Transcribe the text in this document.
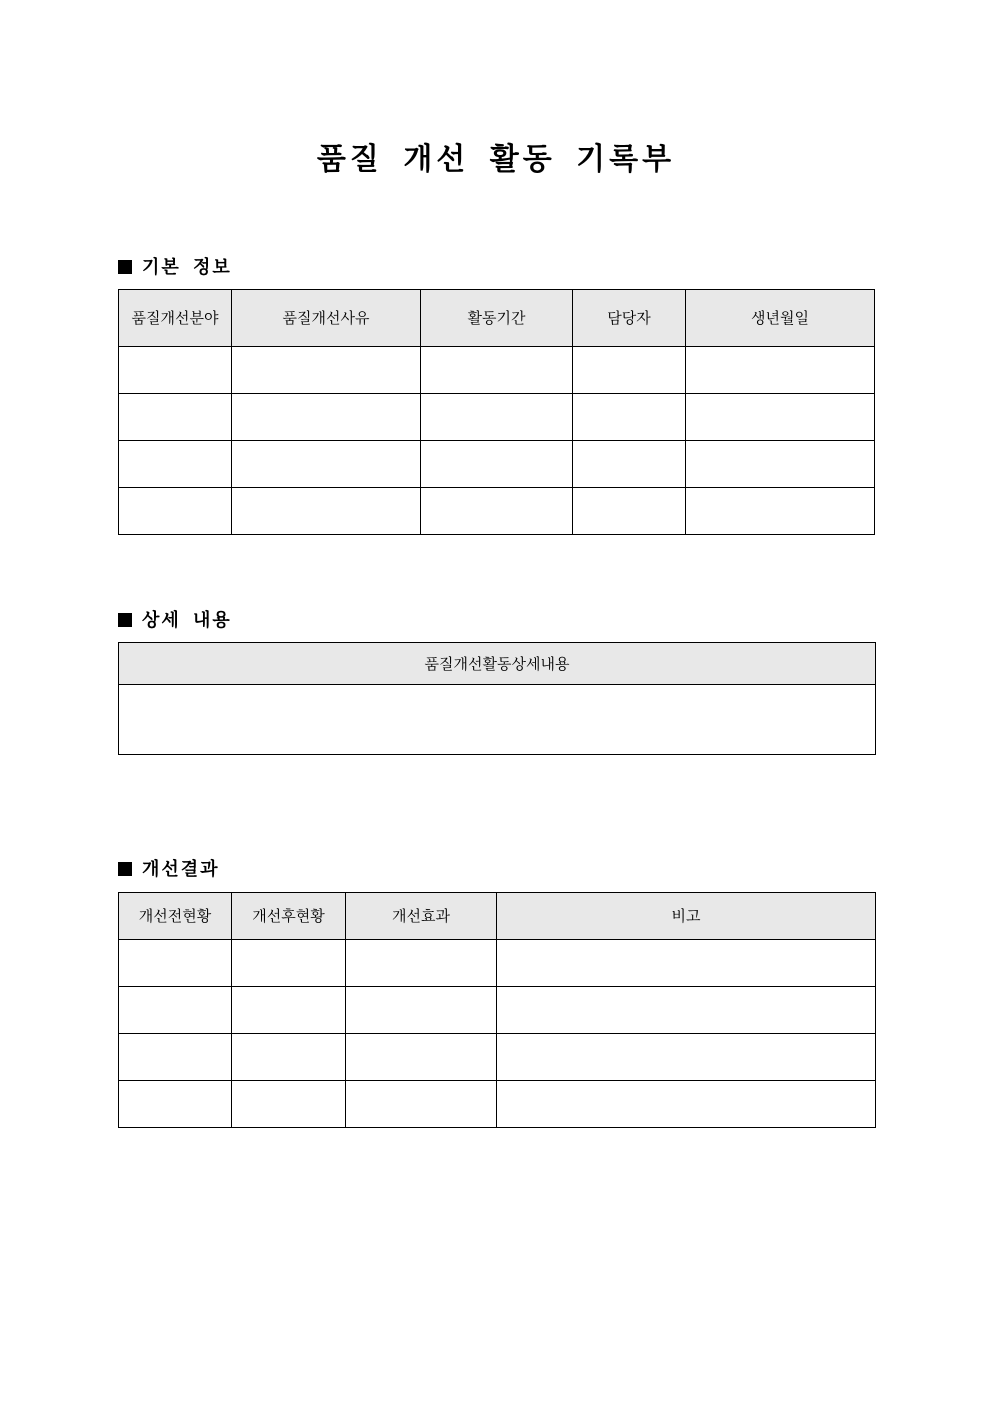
품질 개선 활동 기록부
기본 정보
품질개선분야	품질개선사유	활동기간	담당자	생년월일

상세 내용
품질개선활동상세내용

개선결과
개선전현황	개선후현황	개선효과	비고
